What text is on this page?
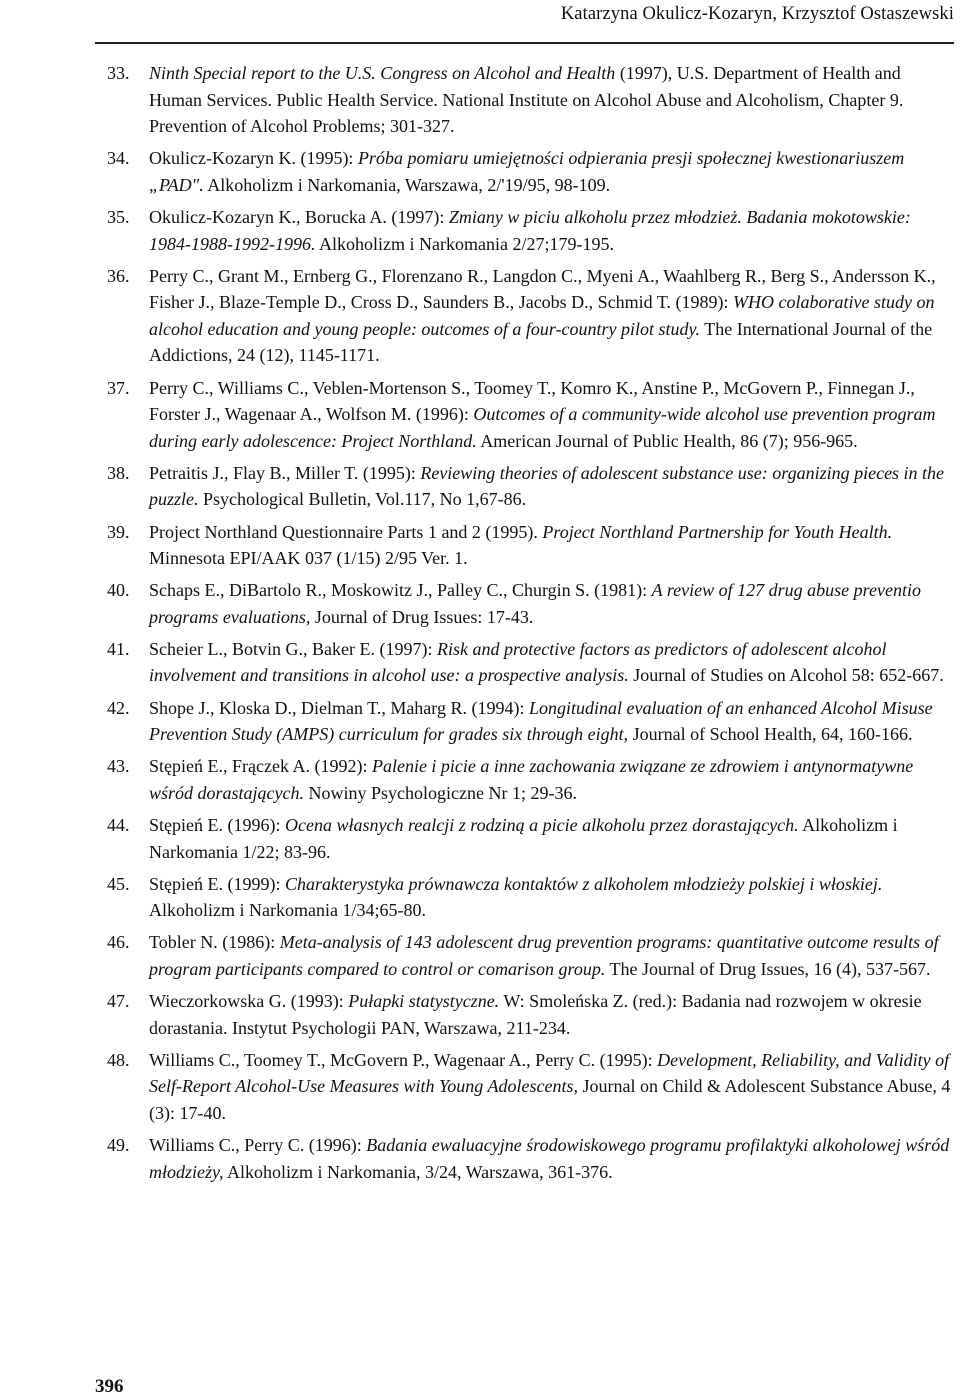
Katarzyna Okulicz-Kozaryn, Krzysztof Ostaszewski
33. Ninth Special report to the U.S. Congress on Alcohol and Health (1997), U.S. Department of Health and Human Services. Public Health Service. National Institute on Alcohol Abuse and Alcoholism, Chapter 9. Prevention of Alcohol Problems; 301-327.
34. Okulicz-Kozaryn K. (1995): Próba pomiaru umiejętności odpierania presji społecznej kwestionariuszem „PAD". Alkoholizm i Narkomania, Warszawa, 2/'19/95, 98-109.
35. Okulicz-Kozaryn K., Borucka A. (1997): Zmiany w piciu alkoholu przez młodzież. Badania mokotowskie: 1984-1988-1992-1996. Alkoholizm i Narkomania 2/27;179-195.
36. Perry C., Grant M., Ernberg G., Florenzano R., Langdon C., Myeni A., Waahlberg R., Berg S., Andersson K., Fisher J., Blaze-Temple D., Cross D., Saunders B., Jacobs D., Schmid T. (1989): WHO colaborative study on alcohol education and young people: outcomes of a four-country pilot study. The International Journal of the Addictions, 24 (12), 1145-1171.
37. Perry C., Williams C., Veblen-Mortenson S., Toomey T., Komro K., Anstine P., McGovern P., Finnegan J., Forster J., Wagenaar A., Wolfson M. (1996): Outcomes of a community-wide alcohol use prevention program during early adolescence: Project Northland. American Journal of Public Health, 86 (7); 956-965.
38. Petraitis J., Flay B., Miller T. (1995): Reviewing theories of adolescent substance use: organizing pieces in the puzzle. Psychological Bulletin, Vol.117, No 1,67-86.
39. Project Northland Questionnaire Parts 1 and 2 (1995). Project Northland Partnership for Youth Health. Minnesota EPI/AAK 037 (1/15) 2/95 Ver. 1.
40. Schaps E., DiBartolo R., Moskowitz J., Palley C., Churgin S. (1981): A review of 127 drug abuse preventio programs evaluations, Journal of Drug Issues: 17-43.
41. Scheier L., Botvin G., Baker E. (1997): Risk and protective factors as predictors of adolescent alcohol involvement and transitions in alcohol use: a prospective analysis. Journal of Studies on Alcohol 58: 652-667.
42. Shope J., Kloska D., Dielman T., Maharg R. (1994): Longitudinal evaluation of an enhanced Alcohol Misuse Prevention Study (AMPS) curriculum for grades six through eight, Journal of School Health, 64, 160-166.
43. Stępień E., Frączek A. (1992): Palenie i picie a inne zachowania związane ze zdrowiem i antynormatywne wśród dorastających. Nowiny Psychologiczne Nr 1; 29-36.
44. Stępień E. (1996): Ocena własnych realcji z rodziną a picie alkoholu przez dorastających. Alkoholizm i Narkomania 1/22; 83-96.
45. Stępień E. (1999): Charakterystyka prównawcza kontaktów z alkoholem młodzieży polskiej i włoskiej. Alkoholizm i Narkomania 1/34;65-80.
46. Tobler N. (1986): Meta-analysis of 143 adolescent drug prevention programs: quantitative outcome results of program participants compared to control or comarison group. The Journal of Drug Issues, 16 (4), 537-567.
47. Wieczorkowska G. (1993): Pułapki statystyczne. W: Smoleńska Z. (red.): Badania nad rozwojem w okresie dorastania. Instytut Psychologii PAN, Warszawa, 211-234.
48. Williams C., Toomey T., McGovern P., Wagenaar A., Perry C. (1995): Development, Reliability, and Validity of Self-Report Alcohol-Use Measures with Young Adolescents, Journal on Child & Adolescent Substance Abuse, 4 (3): 17-40.
49. Williams C., Perry C. (1996): Badania ewaluacyjne środowiskowego programu profilaktyki alkoholowej wśród młodzieży, Alkoholizm i Narkomania, 3/24, Warszawa, 361-376.
396
